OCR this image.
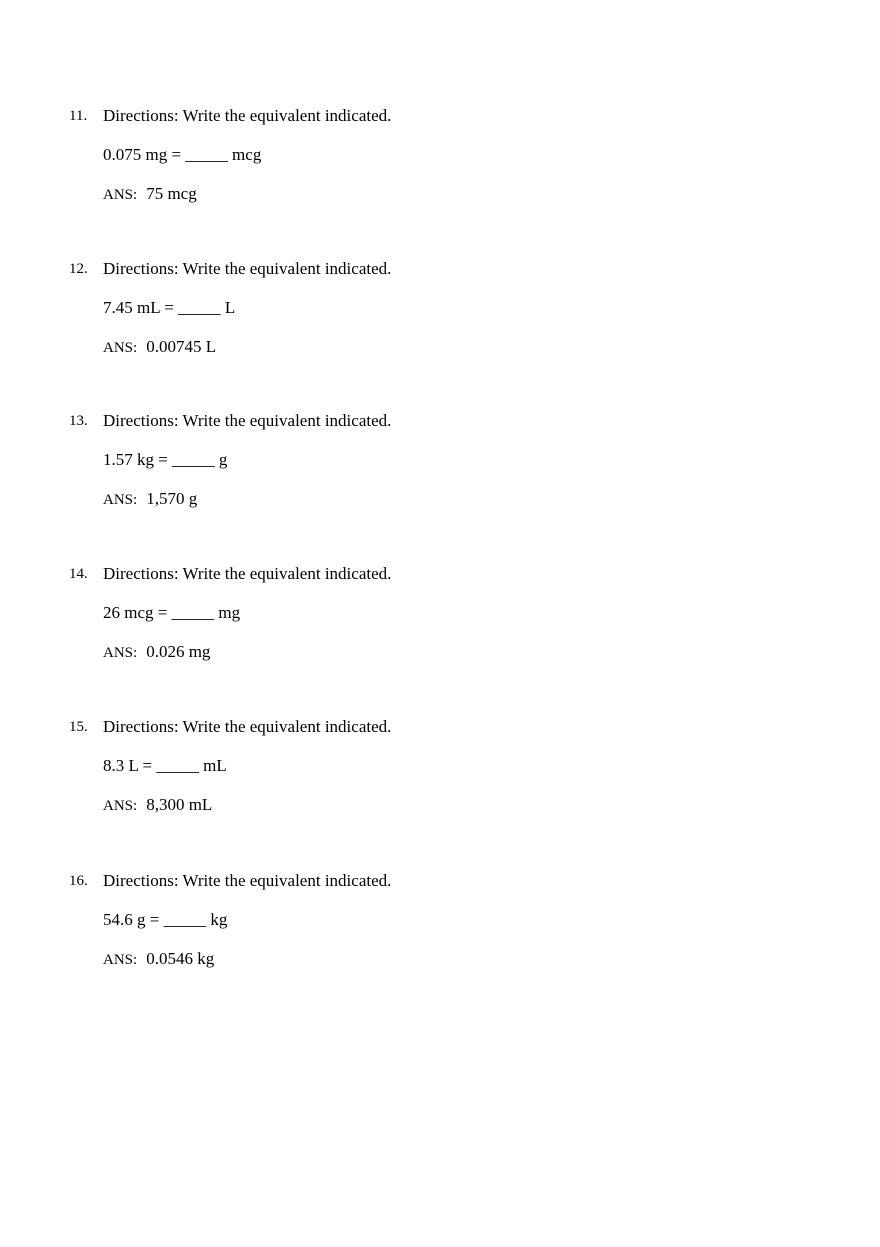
11. Directions: Write the equivalent indicated.
0.075 mg = _____ mcg
ANS: 75 mcg
12. Directions: Write the equivalent indicated.
7.45 mL = _____ L
ANS: 0.00745 L
13. Directions: Write the equivalent indicated.
1.57 kg = _____ g
ANS: 1,570 g
14. Directions: Write the equivalent indicated.
26 mcg = _____ mg
ANS: 0.026 mg
15. Directions: Write the equivalent indicated.
8.3 L = _____ mL
ANS: 8,300 mL
16. Directions: Write the equivalent indicated.
54.6 g = _____ kg
ANS: 0.0546 kg
